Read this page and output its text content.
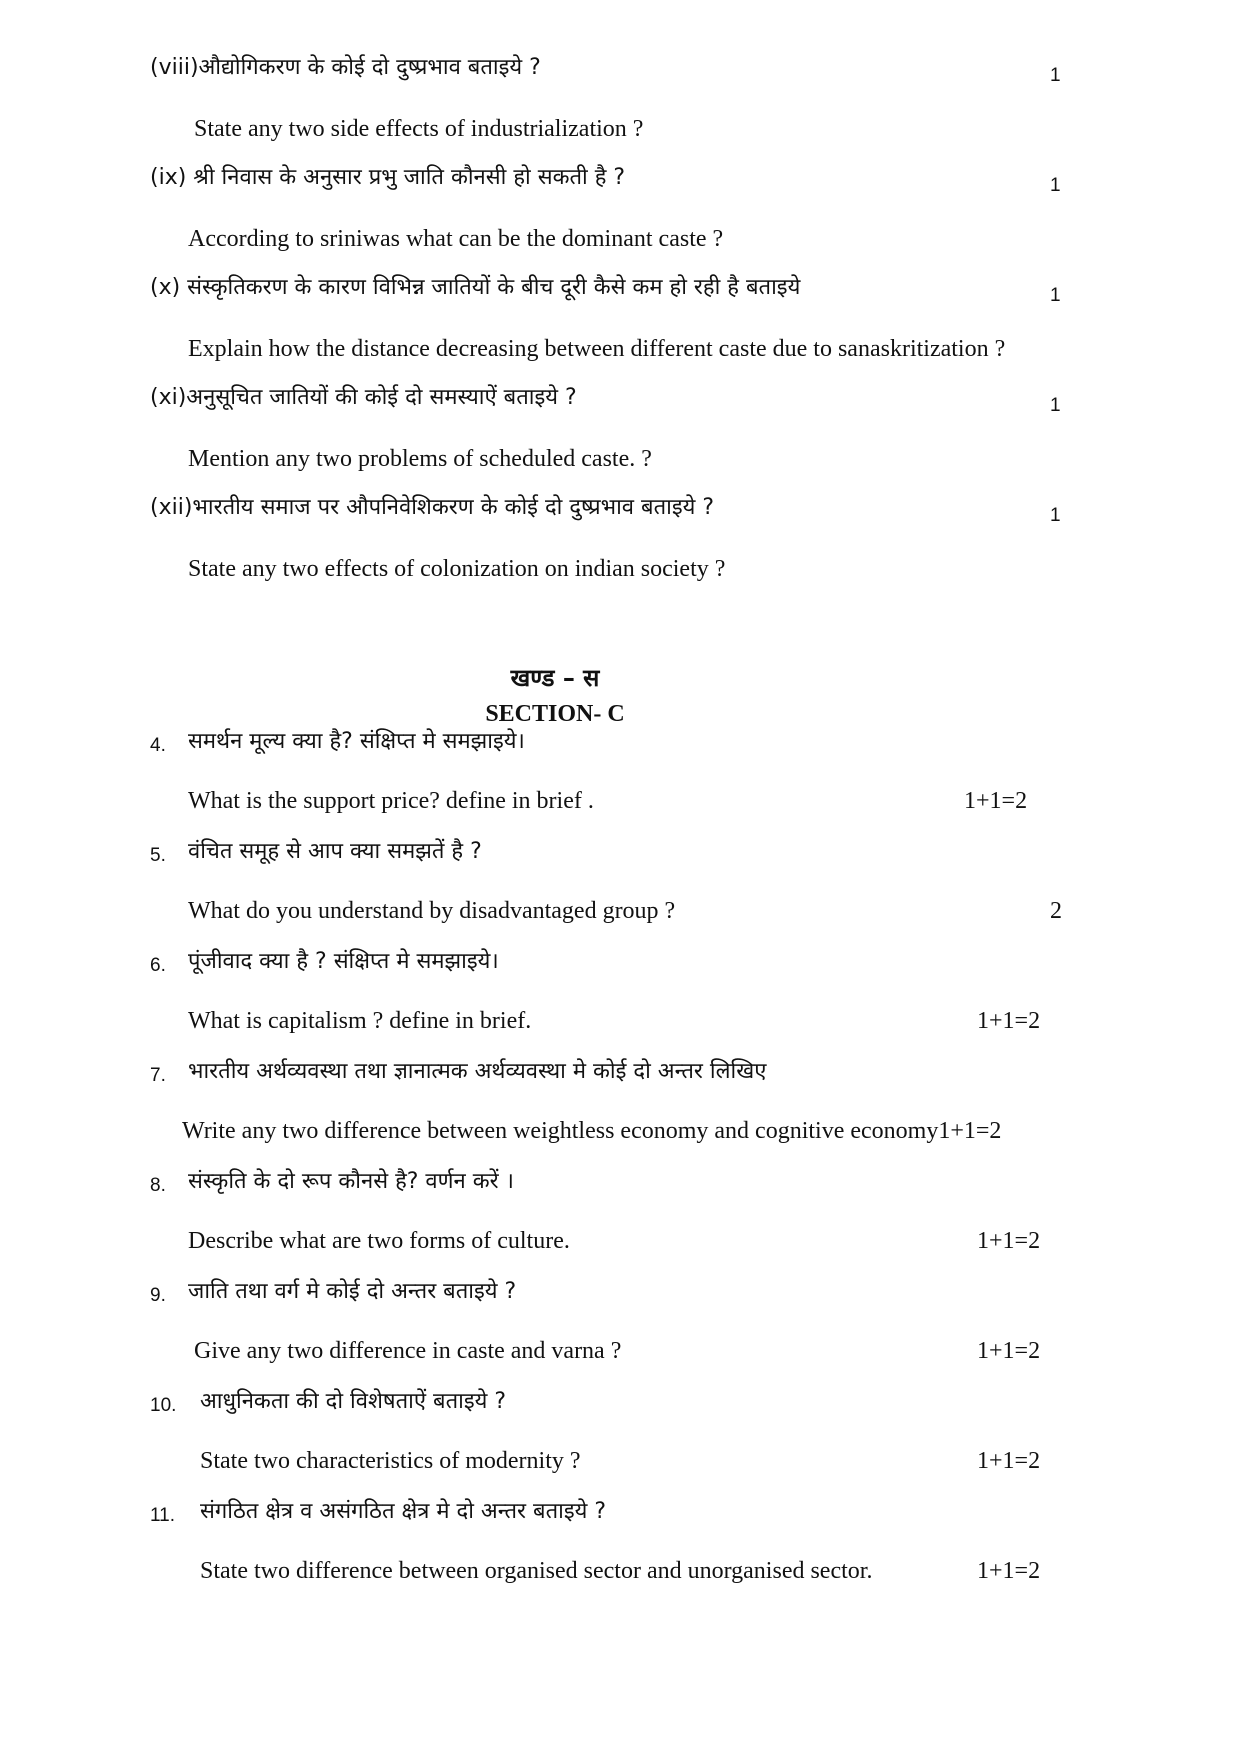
(viii)औद्योगिकरण के कोई दो दुष्प्रभाव बताइये ?	1
State any two side effects of industrialization ?
(ix) श्री निवास के अनुसार प्रभु जाति कौनसी हो सकती है ?	1
According to sriniwas what can be the dominant caste ?
(x) संस्कृतिकरण के कारण विभिन्न जातियों के बीच दूरी कैसे कम हो रही है बताइये	1
Explain how the distance decreasing between different caste due to sanaskritization ?
(xi)अनुसूचित जातियों की कोई दो समस्याऐं बताइये ?	1
Mention any two problems of scheduled caste. ?
(xii)भारतीय समाज पर औपनिवेशिकरण के कोई दो दुष्प्रभाव बताइये ?	1
State any two effects of colonization on indian society ?
खण्ड – स
SECTION- C
4. समर्थन मूल्य क्या है? संक्षिप्त मे समझाइये।
What is the support price? define in brief .	1+1=2
5. वंचित समूह से आप क्या समझतें है ?
What do you understand by disadvantaged group ?	2
6. पूंजीवाद क्या है ? संक्षिप्त मे समझाइये।
What is capitalism ? define in brief.	1+1=2
7. भारतीय अर्थव्यवस्था तथा ज्ञानात्मक अर्थव्यवस्था मे कोई दो अन्तर लिखिए
Write any two difference between weightless economy and cognitive economy1+1=2
8. संस्कृति के दो रूप कौनसे है? वर्णन करें ।
Describe what are two forms of culture.	1+1=2
9. जाति तथा वर्ग मे कोई दो अन्तर बताइये ?
Give any two difference in caste and varna ?	1+1=2
10. आधुनिकता की दो विशेषताऐं बताइये ?
State two characteristics of modernity ?	1+1=2
11. संगठित क्षेत्र व असंगठित क्षेत्र मे दो अन्तर बताइये ?
State two difference between organised sector and unorganised sector.	1+1=2
